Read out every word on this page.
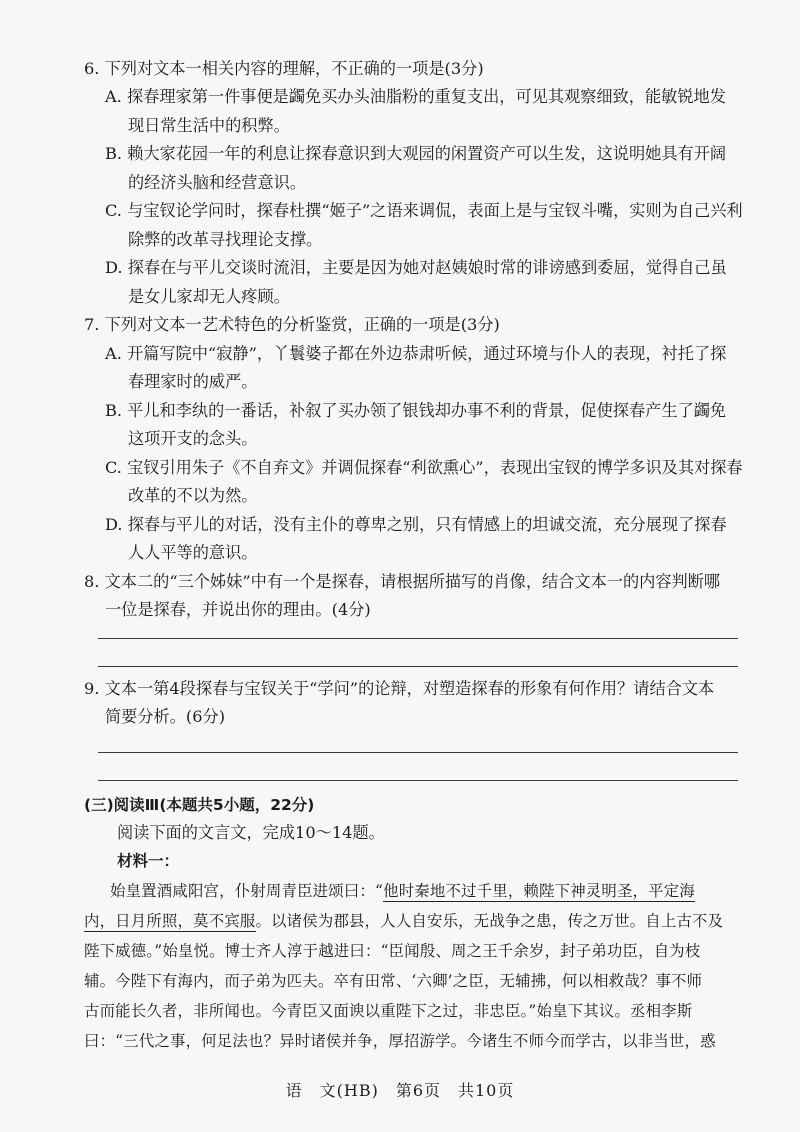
6. 下列对文本一相关内容的理解，不正确的一项是(3分)
A. 探春理家第一件事便是蠲免买办头油脂粉的重复支出，可见其观察细致，能敏锐地发
现日常生活中的积弊。
B. 赖大家花园一年的利息让探春意识到大观园的闲置资产可以生发，这说明她具有开阔
的经济头脑和经营意识。
C. 与宝钗论学问时，探春杜撰“姬子”之语来调侃，表面上是与宝钗斗嘴，实则为自己兴利
除弊的改革寻找理论支撑。
D. 探春在与平儿交谈时流泪，主要是因为她对赵姨娘时常的诽谤感到委屈，觉得自己虽
是女儿家却无人疼顾。
7. 下列对文本一艺术特色的分析鉴赏，正确的一项是(3分)
A. 开篇写院中“寂静”，丫鬟婆子都在外边恭肃听候，通过环境与仆人的表现，衬托了探
春理家时的威严。
B. 平儿和李纨的一番话，补叙了买办领了银钱却办事不利的背景，促使探春产生了蠲免
这项开支的念头。
C. 宝钗引用朱子《不自弃文》并调侃探春“利欲熏心”，表现出宝钗的博学多识及其对探春
改革的不以为然。
D. 探春与平儿的对话，没有主仆的尊卑之别，只有情感上的坦诚交流，充分展现了探春
人人平等的意识。
8. 文本二的“三个姊妹”中有一个是探春，请根据所描写的肖像，结合文本一的内容判断哪
一位是探春，并说出你的理由。(4分)
9. 文本一第4段探春与宝钗关于“学问”的论辩，对塑造探春的形象有何作用？请结合文本
简要分析。(6分)
(三)阅读Ⅲ(本题共5小题，22分)
阅读下面的文言文，完成10～14题。
材料一：
始皇置酒咸阳宫，仆射周青臣进颂曰：“他时秦地不过千里，赖陛下神灵明圣，平定海
内，日月所照，莫不宾服。以诸侯为郡县，人人自安乐，无战争之患，传之万世。自上古不及
陛下威德。”始皇悦。博士齐人淳于越进曰：“臣闻殷、周之王千余岁，封子弟功臣，自为枝
辅。今陛下有海内，而子弟为匹夫。卒有田常、‘六卿’之臣，无辅拂，何以相救哉？事不师
古而能长久者，非所闻也。今青臣又面谀以重陛下之过，非忠臣。”始皇下其议。丞相李斯
曰：“三代之事，何足法也？异时诸侯并争，厚招游学。今诸生不师今而学古，以非当世，惑
语　文(HB)　第6页　共10页
